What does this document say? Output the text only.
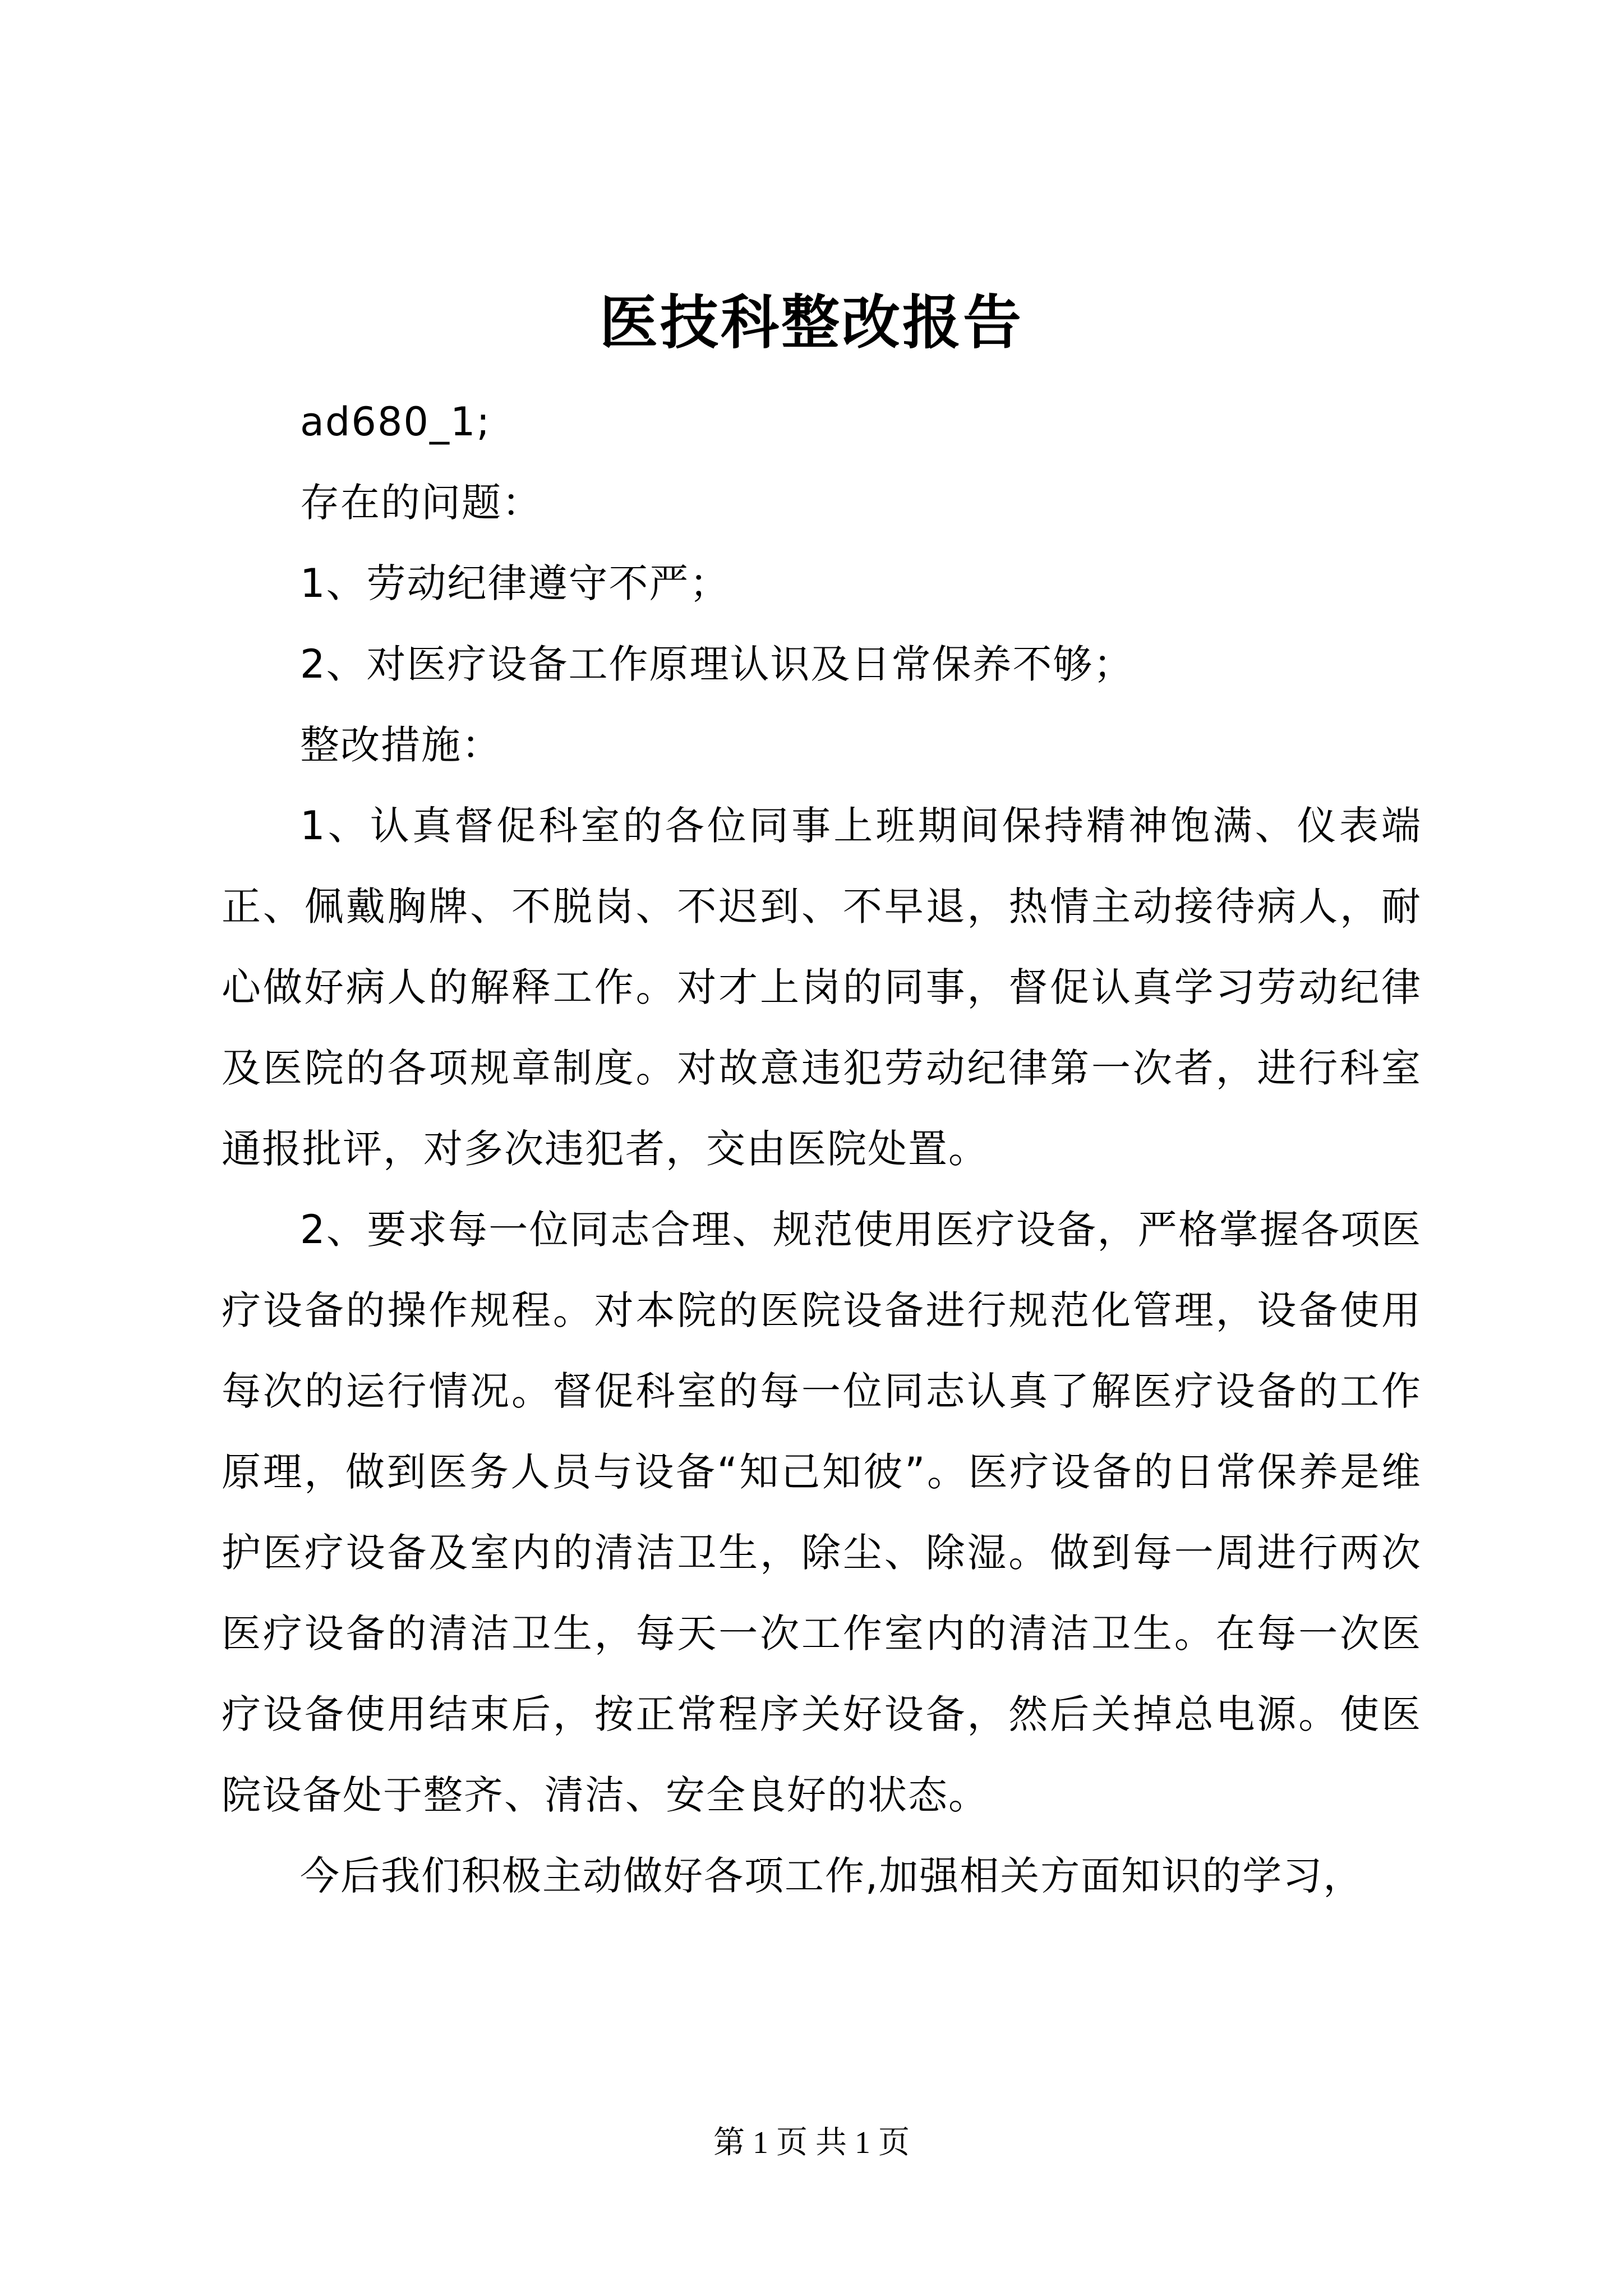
医技科整改报告

ad680_1;

存在的问题：

1、劳动纪律遵守不严；

2、对医疗设备工作原理认识及日常保养不够；

整改措施：

1、认真督促科室的各位同事上班期间保持精神饱满、仪表端正、佩戴胸牌、不脱岗、不迟到、不早退，热情主动接待病人，耐心做好病人的解释工作。对才上岗的同事，督促认真学习劳动纪律及医院的各项规章制度。对故意违犯劳动纪律第一次者，进行科室通报批评，对多次违犯者，交由医院处置。

2、要求每一位同志合理、规范使用医疗设备，严格掌握各项医疗设备的操作规程。对本院的医院设备进行规范化管理，设备使用每次的运行情况。督促科室的每一位同志认真了解医疗设备的工作原理，做到医务人员与设备“知己知彼”。医疗设备的日常保养是维护医疗设备及室内的清洁卫生，除尘、除湿。做到每一周进行两次医疗设备的清洁卫生，每天一次工作室内的清洁卫生。在每一次医疗设备使用结束后，按正常程序关好设备，然后关掉总电源。使医院设备处于整齐、清洁、安全良好的状态。

今后我们积极主动做好各项工作,加强相关方面知识的学习，

第 1 页 共 1 页
